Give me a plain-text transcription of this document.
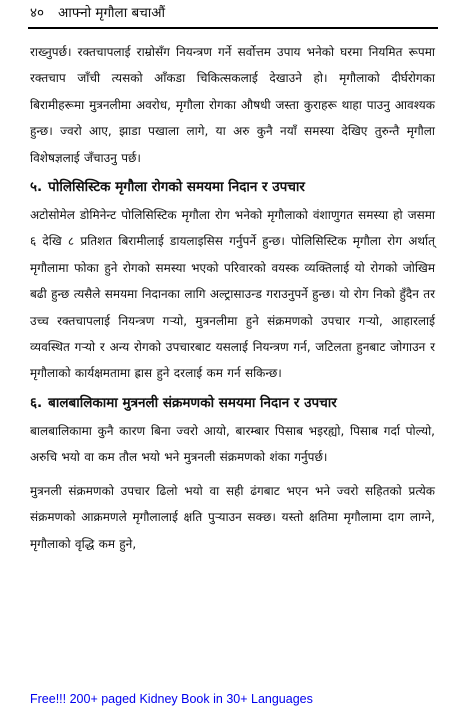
४० आफ्नो मृगौला बचाऔं

राख्नुपर्छ। रक्तचापलाई राम्रोसँग नियन्त्रण गर्ने सर्वोत्तम उपाय भनेको घरमा नियमित रूपमा रक्तचाप जाँची त्यसको आँकडा चिकित्सकलाई देखाउने हो। मृगौलाको दीर्घरोगका बिरामीहरूमा मुत्रनलीमा अवरोध, मृगौला रोगका औषधी जस्ता कुराहरू थाहा पाउनु आवश्यक हुन्छ। ज्वरो आए, झाडा पखाला लागे, या अरु कुनै नयाँ समस्या देखिए तुरुन्तै मृगौला विशेषज्ञलाई जँचाउनु पर्छ।

५. पोलिसिस्टिक मृगौला रोगको समयमा निदान र उपचार

अटोसोमेल डोमिनेन्ट पोलिसिस्टिक मृगौला रोग भनेको मृगौलाको वंशाणुगत समस्या हो जसमा ६ देखि ८ प्रतिशत बिरामीलाई डायलाइसिस गर्नुपर्ने हुन्छ। पोलिसिस्टिक मृगौला रोग अर्थात् मृगौलामा फोका हुने रोगको समस्या भएको परिवारको वयस्क व्यक्तिलाई यो रोगको जोखिम बढी हुन्छ त्यसैले समयमा निदानका लागि अल्ट्रासाउन्ड गराउनुपर्ने हुन्छ। यो रोग निको हुँदैन तर उच्च रक्तचापलाई नियन्त्रण गऱ्यो, मुत्रनलीमा हुने संक्रमणको उपचार गऱ्यो, आहारलाई व्यवस्थित गऱ्यो र अन्य रोगको उपचारबाट यसलाई नियन्त्रण गर्न, जटिलता हुनबाट जोगाउन र मृगौलाको कार्यक्षमतामा ह्रास हुने दरलाई कम गर्न सकिन्छ।

६. बालबालिकामा मुत्रनली संक्रमणको समयमा निदान र उपचार

बालबालिकामा कुनै कारण बिना ज्वरो आयो, बारम्बार पिसाब भइरह्यो, पिसाब गर्दा पोल्यो, अरुचि भयो वा कम तौल भयो भने मुत्रनली संक्रमणको शंका गर्नुपर्छ।

मुत्रनली संक्रमणको उपचार ढिलो भयो वा सही ढंगबाट भएन भने ज्वरो सहितको प्रत्येक संक्रमणको आक्रमणले मृगौलालाई क्षति पुऱ्याउन सक्छ। यस्तो क्षतिमा मृगौलामा दाग लाग्ने, मृगौलाको वृद्धि कम हुने,

Free!!! 200+ paged Kidney Book in 30+ Languages
